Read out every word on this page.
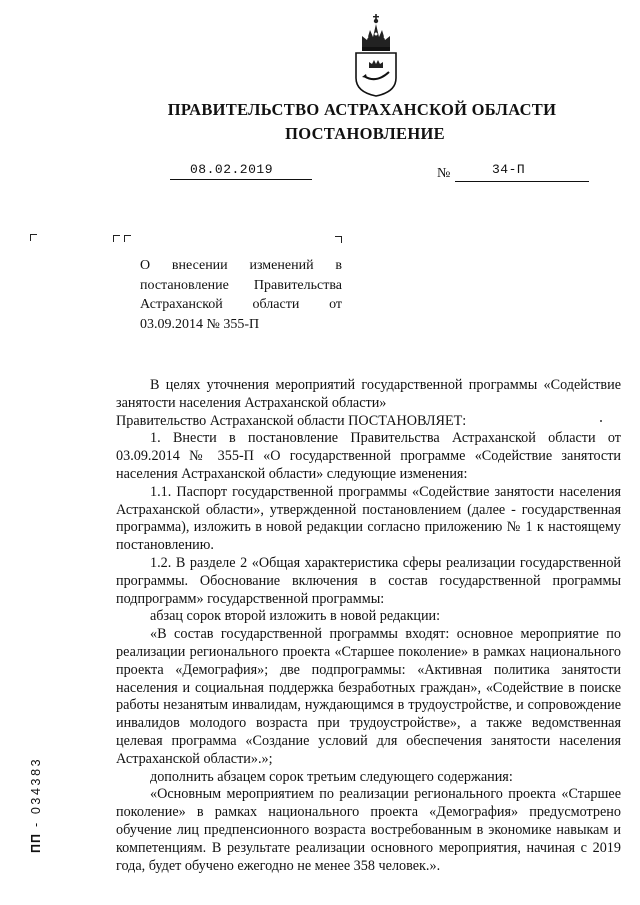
ПРАВИТЕЛЬСТВО АСТРАХАНСКОЙ ОБЛАСТИ
ПОСТАНОВЛЕНИЕ
08.02.2019	№	34-П
О внесении изменений в постановление Правительства Астраханской области от 03.09.2014 № 355-П

В целях уточнения мероприятий государственной программы «Содействие занятости населения Астраханской области»

Правительство Астраханской области ПОСТАНОВЛЯЕТ:

1. Внести в постановление Правительства Астраханской области от 03.09.2014 № 355-П «О государственной программе «Содействие занятости населения Астраханской области» следующие изменения:

1.1. Паспорт государственной программы «Содействие занятости населения Астраханской области», утвержденной постановлением (далее - государственная программа), изложить в новой редакции согласно приложению № 1 к настоящему постановлению.

1.2. В разделе 2 «Общая характеристика сферы реализации государственной программы. Обоснование включения в состав государственной программы подпрограмм» государственной программы:

абзац сорок второй изложить в новой редакции:

«В состав государственной программы входят: основное мероприятие по реализации регионального проекта «Старшее поколение» в рамках национального проекта «Демография»; две подпрограммы: «Активная политика занятости населения и социальная поддержка безработных граждан», «Содействие в поиске работы незанятым инвалидам, нуждающимся в трудоустройстве, и сопровождение инвалидов молодого возраста при трудоустройстве», а также ведомственная целевая программа «Создание условий для обеспечения занятости населения Астраханской области».»;

дополнить абзацем сорок третьим следующего содержания:

«Основным мероприятием по реализации регионального проекта «Старшее поколение» в рамках национального проекта «Демография» предусмотрено обучение лиц предпенсионного возраста востребованным в экономике навыкам и компетенциям. В результате реализации основного мероприятия, начиная с 2019 года, будет обучено ежегодно не менее 358 человек.».

ПП - 034383
